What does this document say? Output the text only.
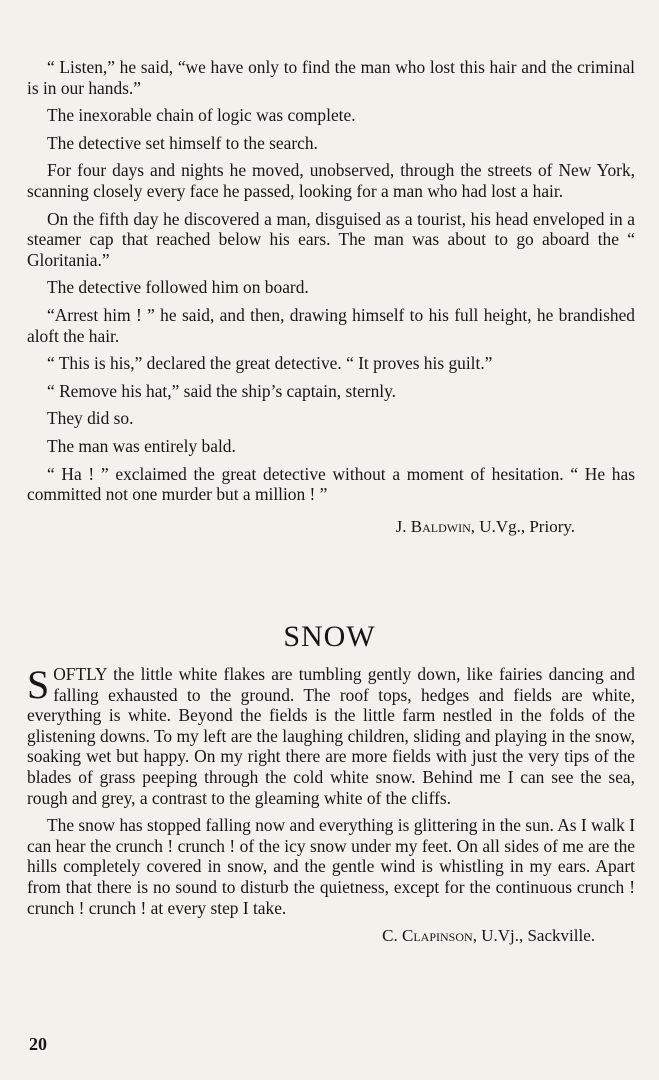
“ Listen,” he said, “we have only to find the man who lost this hair and the criminal is in our hands.”

The inexorable chain of logic was complete.

The detective set himself to the search.

For four days and nights he moved, unobserved, through the streets of New York, scanning closely every face he passed, looking for a man who had lost a hair.

On the fifth day he discovered a man, disguised as a tourist, his head enveloped in a steamer cap that reached below his ears. The man was about to go aboard the “ Gloritania.”

The detective followed him on board.

“Arrest him ! ” he said, and then, drawing himself to his full height, he brandished aloft the hair.

“ This is his,” declared the great detective. “ It proves his guilt.”

“ Remove his hat,” said the ship’s captain, sternly.

They did so.

The man was entirely bald.

“ Ha ! ” exclaimed the great detective without a moment of hesitation. “ He has committed not one murder but a million ! ”

J. Baldwin, U.Vg., Priory.
SNOW

SOFTLY the little white flakes are tumbling gently down, like fairies dancing and falling exhausted to the ground. The roof tops, hedges and fields are white, everything is white. Beyond the fields is the little farm nestled in the folds of the glistening downs. To my left are the laughing children, sliding and playing in the snow, soaking wet but happy. On my right there are more fields with just the very tips of the blades of grass peeping through the cold white snow. Behind me I can see the sea, rough and grey, a contrast to the gleaming white of the cliffs.

The snow has stopped falling now and everything is glittering in the sun. As I walk I can hear the crunch ! crunch ! of the icy snow under my feet. On all sides of me are the hills completely covered in snow, and the gentle wind is whistling in my ears. Apart from that there is no sound to disturb the quietness, except for the continuous crunch ! crunch ! crunch ! at every step I take.

C. Clapinson, U.Vj., Sackville.
20
